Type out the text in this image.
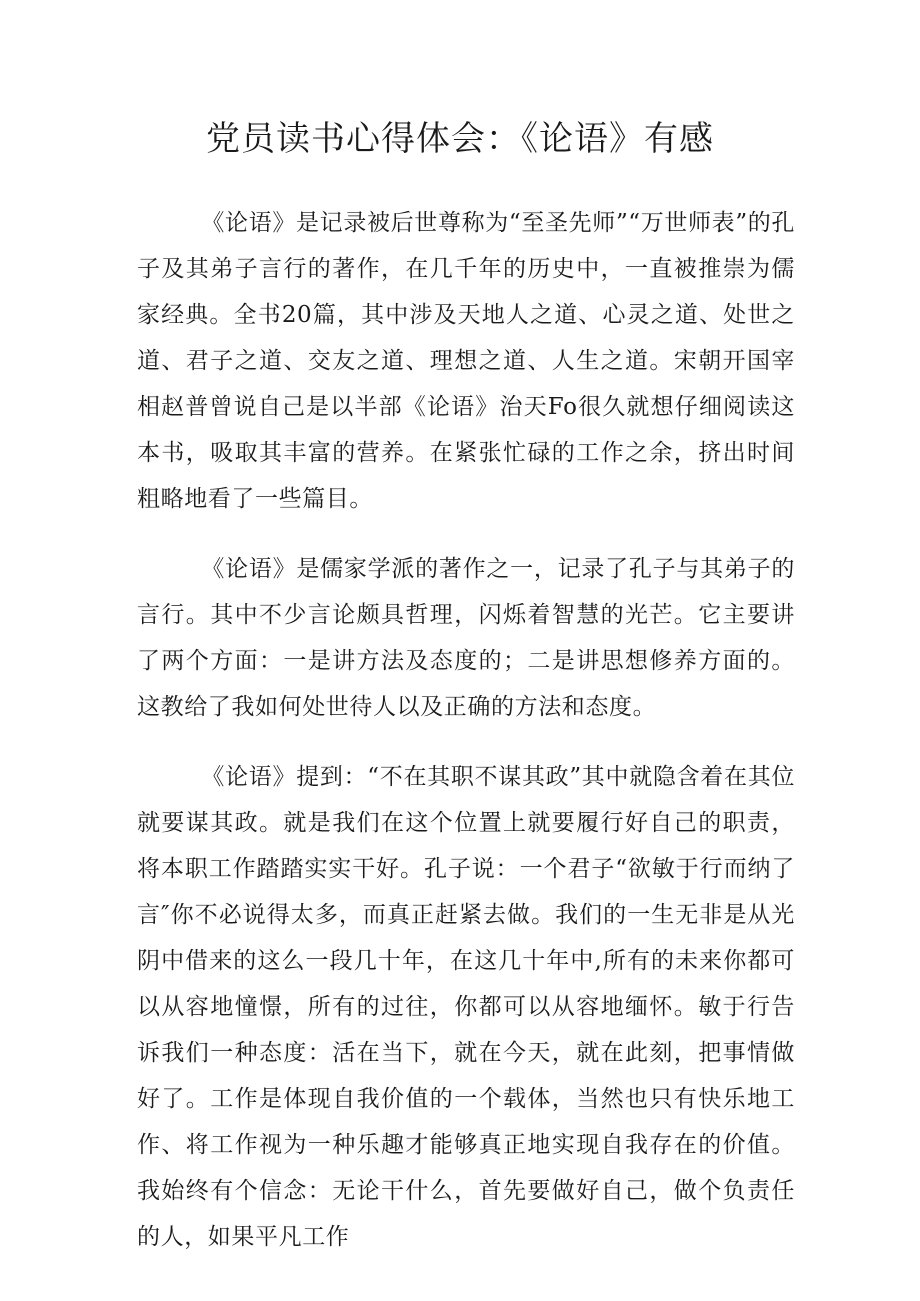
党员读书心得体会：《论语》有感

《论语》是记录被后世尊称为“至圣先师”“万世师表”的孔子及其弟子言行的著作，在几千年的历史中，一直被推崇为儒家经典。全书20篇，其中涉及天地人之道、心灵之道、处世之道、君子之道、交友之道、理想之道、人生之道。宋朝开国宰相赵普曾说自己是以半部《论语》治天Fo很久就想仔细阅读这本书，吸取其丰富的营养。在紧张忙碌的工作之余，挤出时间粗略地看了一些篇目。

《论语》是儒家学派的著作之一，记录了孔子与其弟子的言行。其中不少言论颇具哲理，闪烁着智慧的光芒。它主要讲了两个方面：一是讲方法及态度的；二是讲思想修养方面的。这教给了我如何处世待人以及正确的方法和态度。

《论语》提到：“不在其职不谋其政”其中就隐含着在其位就要谋其政。就是我们在这个位置上就要履行好自己的职责，将本职工作踏踏实实干好。孔子说：一个君子“欲敏于行而纳了言″你不必说得太多，而真正赶紧去做。我们的一生无非是从光阴中借来的这么一段几十年，在这几十年中,所有的未来你都可以从容地憧憬，所有的过往，你都可以从容地缅怀。敏于行告诉我们一种态度：活在当下，就在今天，就在此刻，把事情做好了。工作是体现自我价值的一个载体，当然也只有快乐地工作、将工作视为一种乐趣才能够真正地实现自我存在的价值。我始终有个信念：无论干什么，首先要做好自己，做个负责任的人，如果平凡工作
